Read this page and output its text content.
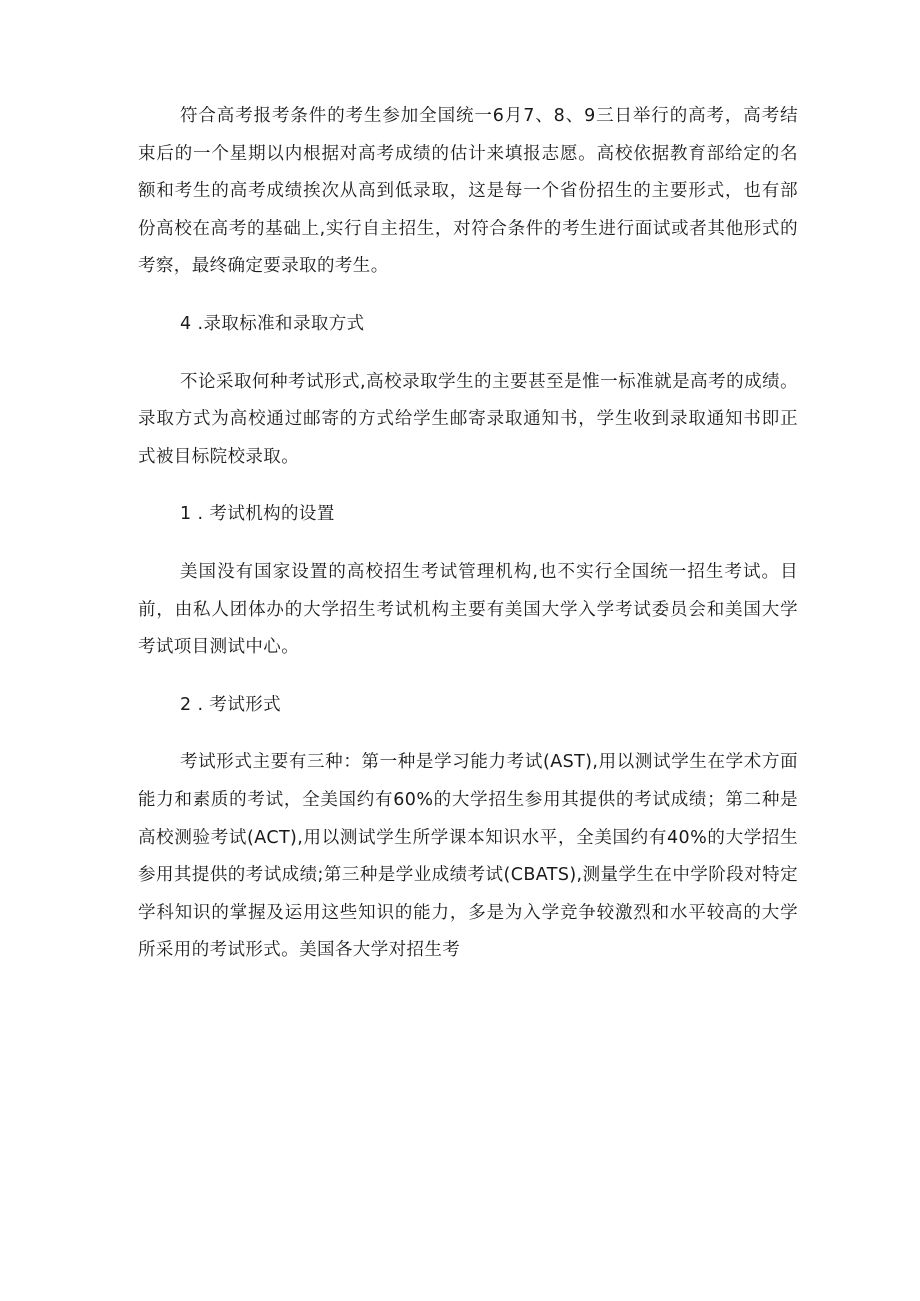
符合高考报考条件的考生参加全国统一6月7、8、9三日举行的高考，高考结束后的一个星期以内根据对高考成绩的估计来填报志愿。高校依据教育部给定的名额和考生的高考成绩挨次从高到低录取，这是每一个省份招生的主要形式，也有部份高校在高考的基础上,实行自主招生，对符合条件的考生进行面试或者其他形式的考察，最终确定要录取的考生。

4 .录取标准和录取方式

不论采取何种考试形式,高校录取学生的主要甚至是惟一标准就是高考的成绩。录取方式为高校通过邮寄的方式给学生邮寄录取通知书，学生收到录取通知书即正式被目标院校录取。

1 . 考试机构的设置

美国没有国家设置的高校招生考试管理机构,也不实行全国统一招生考试。目前，由私人团体办的大学招生考试机构主要有美国大学入学考试委员会和美国大学考试项目测试中心。

2 . 考试形式

考试形式主要有三种：第一种是学习能力考试(AST),用以测试学生在学术方面能力和素质的考试，全美国约有60%的大学招生参用其提供的考试成绩；第二种是高校测验考试(ACT),用以测试学生所学课本知识水平，全美国约有40%的大学招生参用其提供的考试成绩;第三种是学业成绩考试(CBATS),测量学生在中学阶段对特定学科知识的掌握及运用这些知识的能力，多是为入学竞争较激烈和水平较高的大学所采用的考试形式。美国各大学对招生考
